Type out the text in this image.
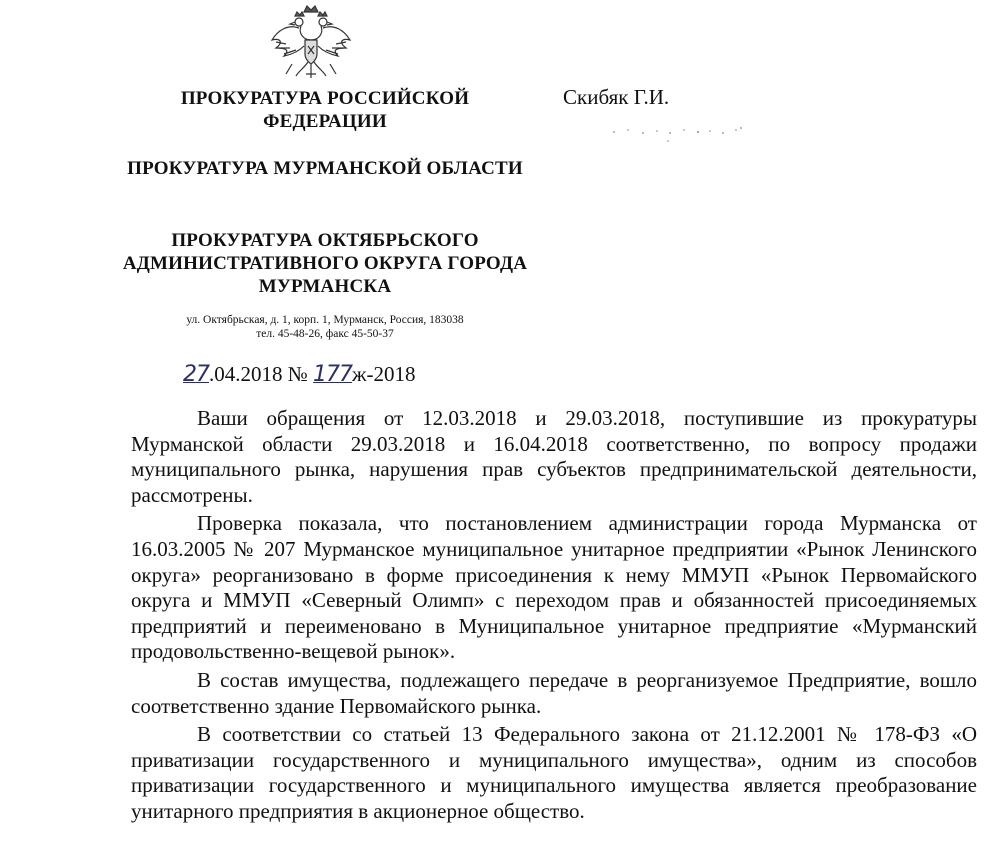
ПРОКУРАТУРА РОССИЙСКОЙ ФЕДЕРАЦИИ
ПРОКУРАТУРА МУРМАНСКОЙ ОБЛАСТИ
ПРОКУРАТУРА ОКТЯБРЬСКОГО АДМИНИСТРАТИВНОГО ОКРУГА ГОРОДА МУРМАНСКА
ул. Октябрьская, д. 1, корп. 1, Мурманск, Россия, 183038
тел. 45-48-26, факс 45-50-37
Скибяк Г.И.
27.04.2018 № 177ж-2018

Ваши обращения от 12.03.2018 и 29.03.2018, поступившие из прокуратуры Мурманской области 29.03.2018 и 16.04.2018 соответственно, по вопросу продажи муниципального рынка, нарушения прав субъектов предпринимательской деятельности, рассмотрены.

Проверка показала, что постановлением администрации города Мурманска от 16.03.2005 № 207 Мурманское муниципальное унитарное предприятии «Рынок Ленинского округа» реорганизовано в форме присоединения к нему ММУП «Рынок Первомайского округа и ММУП «Северный Олимп» с переходом прав и обязанностей присоединяемых предприятий и переименовано в Муниципальное унитарное предприятие «Мурманский продовольственно-вещевой рынок».

В состав имущества, подлежащего передаче в реорганизуемое Предприятие, вошло соответственно здание Первомайского рынка.

В соответствии со статьей 13 Федерального закона от 21.12.2001 № 178-ФЗ «О приватизации государственного и муниципального имущества», одним из способов приватизации государственного и муниципального имущества является преобразование унитарного предприятия в акционерное общество.
